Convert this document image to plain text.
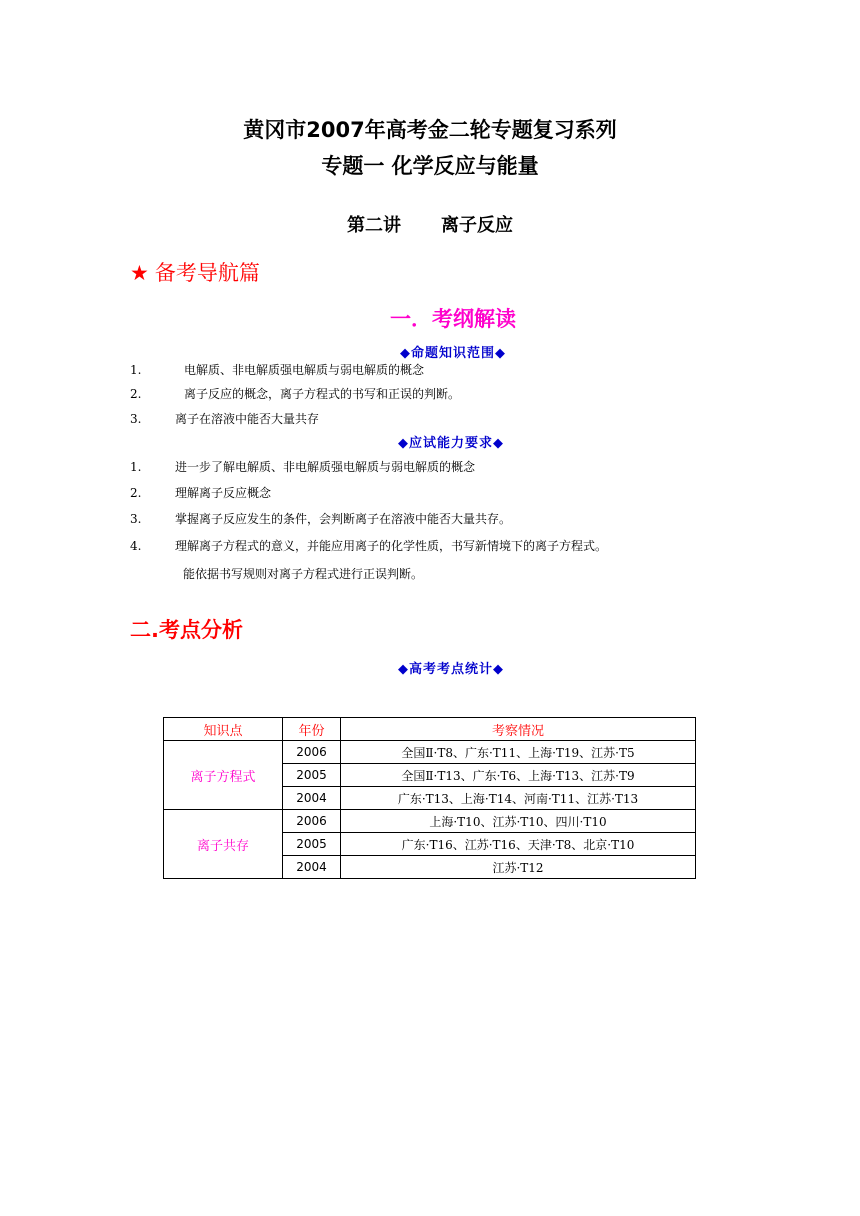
黄冈市2007年高考金二轮专题复习系列
专题一 化学反应与能量
第二讲 离子反应
★ 备考导航篇
一．考纲解读
◆命题知识范围◆
1.	电解质、非电解质强电解质与弱电解质的概念
2.	离子反应的概念，离子方程式的书写和正误的判断。
3.	离子在溶液中能否大量共存
◆应试能力要求◆
1.	进一步了解电解质、非电解质强电解质与弱电解质的概念
2.	理解离子反应概念
3.	掌握离子反应发生的条件，会判断离子在溶液中能否大量共存。
4.	理解离子方程式的意义，并能应用离子的化学性质，书写新情境下的离子方程式。
能依据书写规则对离子方程式进行正误判断。
二.考点分析
◆高考考点统计◆
知识点	年份	考察情况
离子方程式	2006	全国Ⅱ·T8、广东·T11、上海·T19、江苏·T5
	2005	全国Ⅱ·T13、广东·T6、上海·T13、江苏·T9
	2004	广东·T13、上海·T14、河南·T11、江苏·T13
离子共存	2006	上海·T10、江苏·T10、四川·T10
	2005	广东·T16、江苏·T16、天津·T8、北京·T10
	2004	江苏·T12
